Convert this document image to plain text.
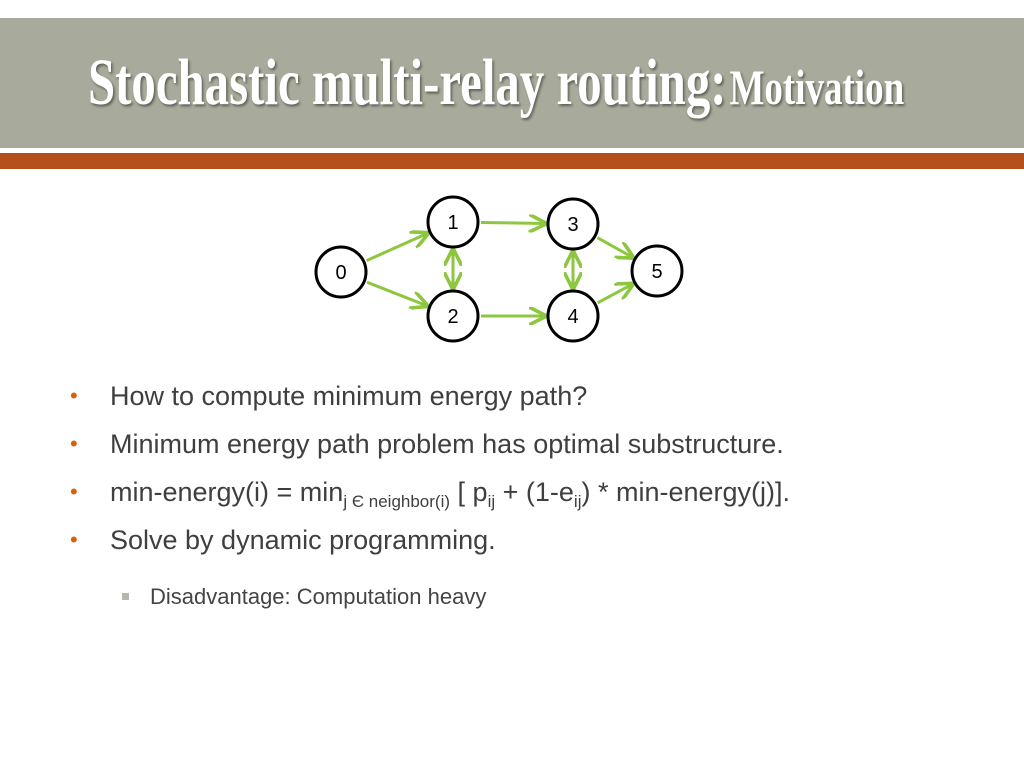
Stochastic multi-relay routing: Motivation
0
1
2
3
4
5
• How to compute minimum energy path?
• Minimum energy path problem has optimal substructure.
• min-energy(i) = $\min_{j Є neighbor(i)}$ [ $p_{ij} + (1-e_{ij})$ * min-energy(j)].
• Solve by dynamic programming.
Disadvantage: Computation heavy
